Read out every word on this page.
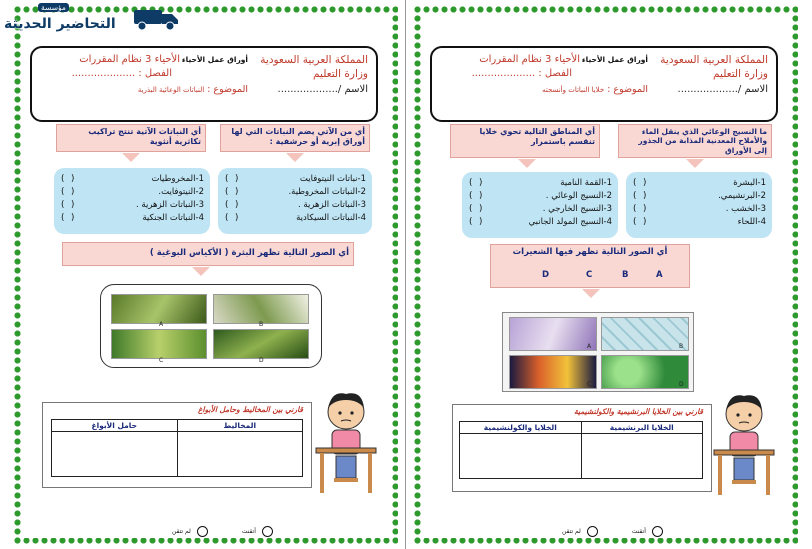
المملكة العربية السعودية
وزارة التعليم
الاسم /...................
أوراق عمل الأحياء
الأحياء 3 نظام المقررات
الفصل : ....................
الموضوع : النباتات الوعائية البذرية
أي من الآتي يضم النباتات التي لها أوراق إبرية أو حرشفية :
1-نباتات النيتوفايت
( )
2-النباتات المخروطية.
( )
3-النباتات الزهرية .
( )
4-النباتات السيكادية
( )
أي النباتات الآتية تنتج تراكيب تكاثرية أنثوية
1-المخروطيات
( )
2-النيتوفايت.
( )
3-النباتات الزهرية .
( )
4-النباتات الجنكية
( )
أي الصور التالية تظهر البثرة ( الأكياس البوغية )
A	B
C	D
قارني بين المخاليط وحامل الأبواغ
المخاليط	حامل الأبواغ

أتقنت
لم تتقن
المملكة العربية السعودية
وزارة التعليم
الاسم /...................
أوراق عمل الأحياء
الأحياء 3 نظام المقررات
الفصل : ....................
الموضوع : خلايا النباتات وأنسجته
ما النسيج الوعائي الذي ينقل الماء والأملاح المعدنية المذابة من الجذور إلى الأوراق
1-البشرة
( )
2-البرنشيمي.
( )
3-الخشب .
( )
4-اللحاء
( )
أي المناطق التالية تحوي خلايا تنقسم باستمرار
1-القمة النامية
( )
2-النسيج الوعائي .
( )
3-النسيج الخارجي .
( )
4-النسيج المولد الجانبي
( )
أي الصور التالية تظهر فيها الشعيرات
D	C	B	A
A	B
C	D
قارني بين الخلايا البرنشيمية والكولنشيمية
الخلايا البرنشيمية	الخلايا والكولنشيمية

أتقنت
لم تتقن
مؤسسة
التحاضير الحديثة
